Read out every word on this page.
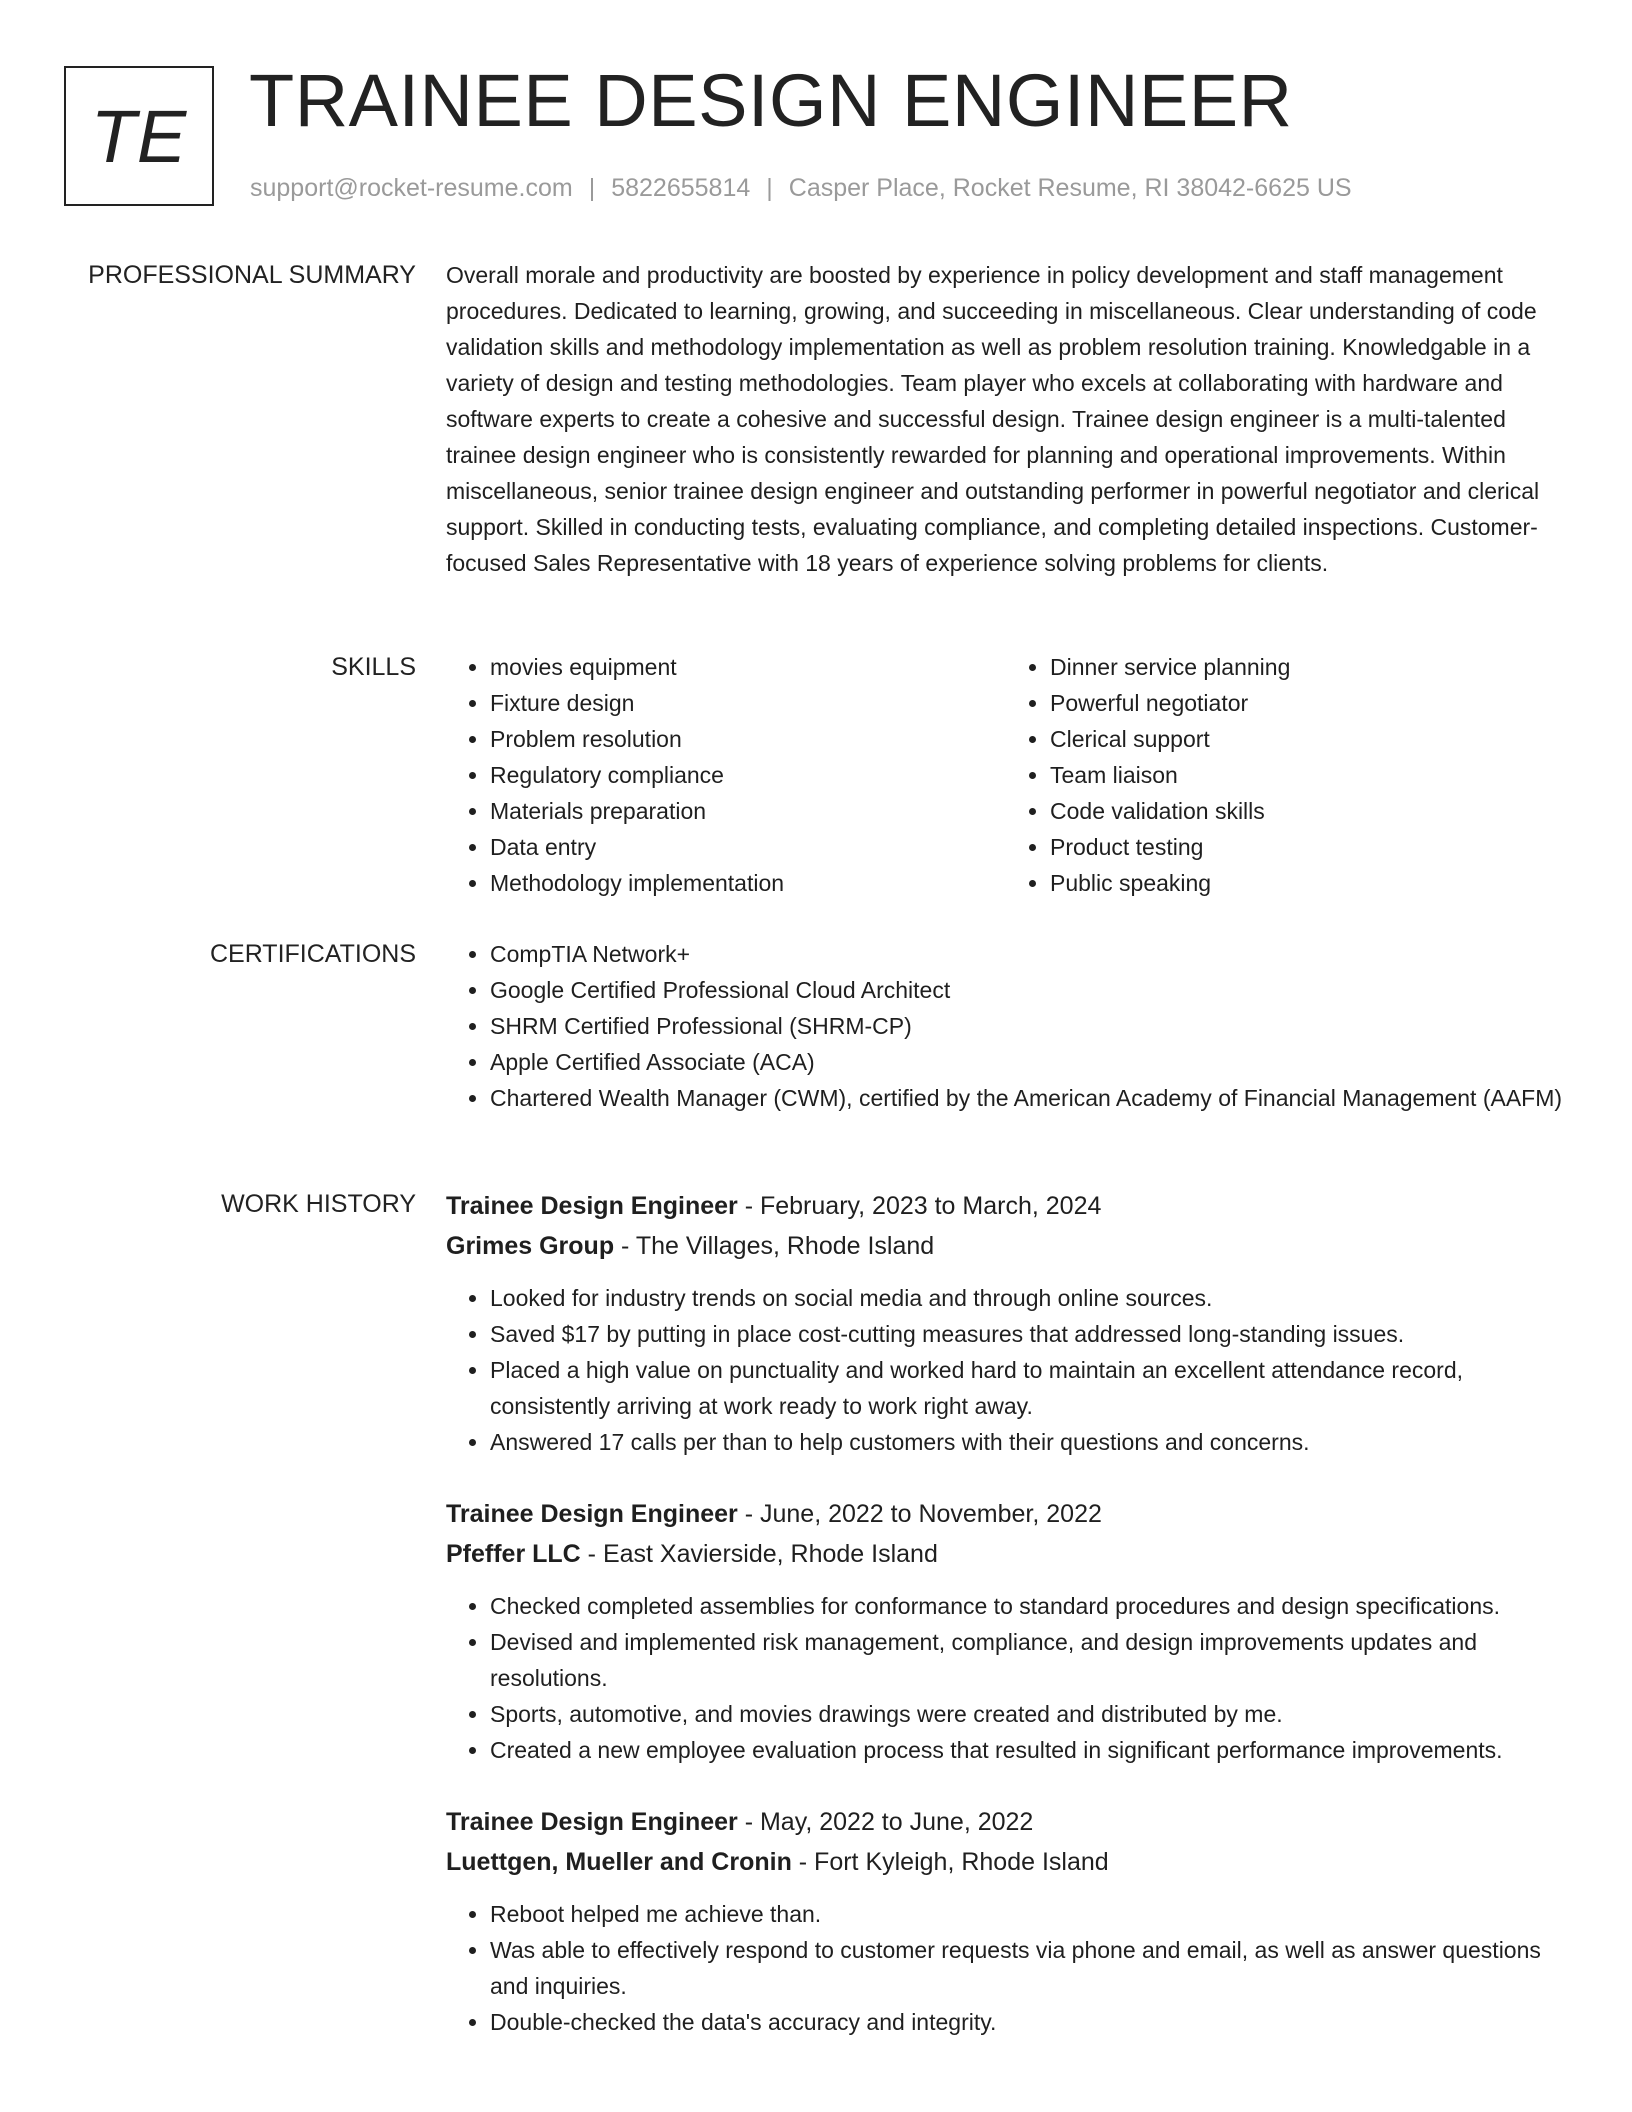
TE TRAINEE DESIGN ENGINEER
support@rocket-resume.com | 5822655814 | Casper Place, Rocket Resume, RI 38042-6625 US
PROFESSIONAL SUMMARY Overall morale and productivity are boosted by experience in policy development and staff management procedures. Dedicated to learning, growing, and succeeding in miscellaneous. Clear understanding of code validation skills and methodology implementation as well as problem resolution training. Knowledgable in a variety of design and testing methodologies. Team player who excels at collaborating with hardware and software experts to create a cohesive and successful design. Trainee design engineer is a multi-talented trainee design engineer who is consistently rewarded for planning and operational improvements. Within miscellaneous, senior trainee design engineer and outstanding performer in powerful negotiator and clerical support. Skilled in conducting tests, evaluating compliance, and completing detailed inspections. Customer-focused Sales Representative with 18 years of experience solving problems for clients.
SKILLS	• movies equipment
• Fixture design
• Problem resolution
• Regulatory compliance
• Materials preparation
• Data entry
• Methodology implementation
• Dinner service planning
• Powerful negotiator
• Clerical support
• Team liaison
• Code validation skills
• Product testing
• Public speaking
CERTIFICATIONS	• CompTIA Network+
• Google Certified Professional Cloud Architect
• SHRM Certified Professional (SHRM-CP)
• Apple Certified Associate (ACA)
• Chartered Wealth Manager (CWM), certified by the American Academy of Financial Management (AAFM)
WORK HISTORY Trainee Design Engineer - February, 2023 to March, 2024
Grimes Group - The Villages, Rhode Island
• Looked for industry trends on social media and through online sources.
• Saved $17 by putting in place cost-cutting measures that addressed long-standing issues.
• Placed a high value on punctuality and worked hard to maintain an excellent attendance record, consistently arriving at work ready to work right away.
• Answered 17 calls per than to help customers with their questions and concerns.
Trainee Design Engineer - June, 2022 to November, 2022
Pfeffer LLC - East Xavierside, Rhode Island
• Checked completed assemblies for conformance to standard procedures and design specifications.
• Devised and implemented risk management, compliance, and design improvements updates and resolutions.
• Sports, automotive, and movies drawings were created and distributed by me.
• Created a new employee evaluation process that resulted in significant performance improvements.
Trainee Design Engineer - May, 2022 to June, 2022
Luettgen, Mueller and Cronin - Fort Kyleigh, Rhode Island
• Reboot helped me achieve than.
• Was able to effectively respond to customer requests via phone and email, as well as answer questions and inquiries.
• Double-checked the data's accuracy and integrity.
